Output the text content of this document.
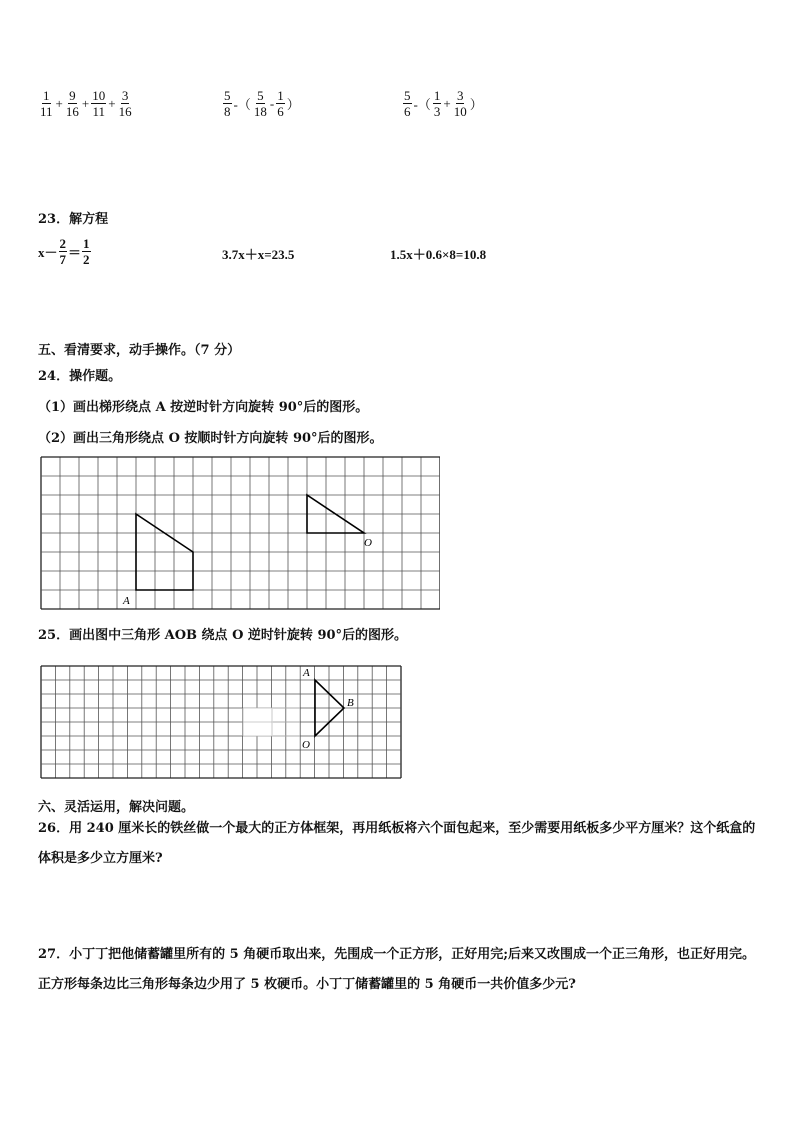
$\frac{1}{11} + \frac{9}{16} + \frac{10}{11} + \frac{3}{16}$	$\frac{5}{8}$ -（ $\frac{5}{18} - \frac{1}{6}$ ）	$\frac{5}{6}$ -（ $\frac{1}{3} + \frac{3}{10}$ ）
23．解方程
$x- \frac{2}{7} = \frac{1}{2}$	3.7x＋x=23.5	1.5x＋0.6×8=10.8
五、看清要求，动手操作。（7 分）
24．操作题。
（1）画出梯形绕点 A 按逆时针方向旋转 90°后的图形。
（2）画出三角形绕点 O 按顺时针方向旋转 90°后的图形。
A
O
25．画出图中三角形 AOB 绕点 O 逆时针旋转 90°后的图形。
A
B
O
六、灵活运用，解决问题。
26．用 240 厘米长的铁丝做一个最大的正方体框架，再用纸板将六个面包起来，至少需要用纸板多少平方厘米？这个纸盒的体积是多少立方厘米?
27．小丁丁把他储蓄罐里所有的 5 角硬币取出来，先围成一个正方形，正好用完;后来又改围成一个正三角形，也正好用完。正方形每条边比三角形每条边少用了 5 枚硬币。小丁丁储蓄罐里的 5 角硬币一共价值多少元?
